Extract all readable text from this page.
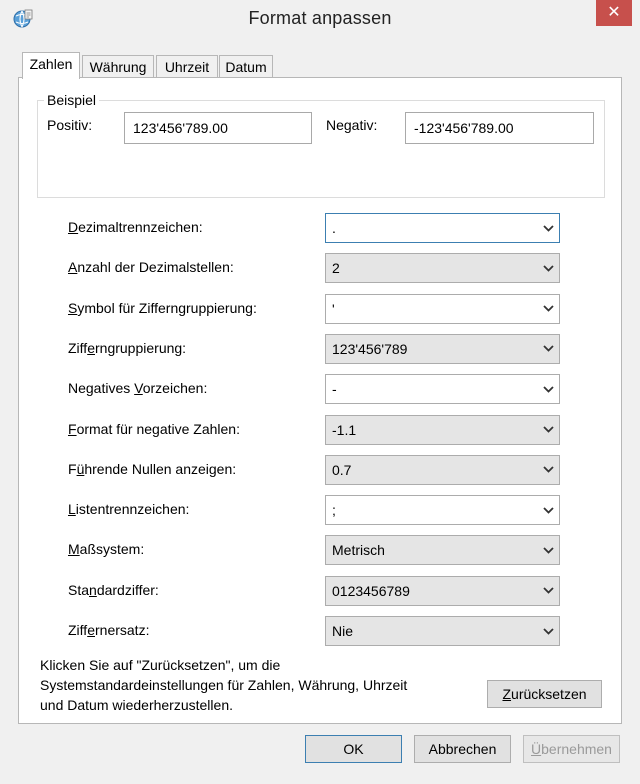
Format anpassen	✕
Zahlen	Währung	Uhrzeit	Datum
Beispiel
Positiv:	123'456'789.00	Negativ:	-123'456'789.00
Dezimaltrennzeichen:	.
Anzahl der Dezimalstellen:	2
Symbol für Zifferngruppierung:	'
Zifferngruppierung:	123'456'789
Negatives Vorzeichen:	-
Format für negative Zahlen:	-1.1
Führende Nullen anzeigen:	0.7
Listentrennzeichen:	;
Maßsystem:	Metrisch
Standardziffer:	0123456789
Ziffernersatz:	Nie
Klicken Sie auf "Zurücksetzen", um die
Systemstandardeinstellungen für Zahlen, Währung, Uhrzeit
und Datum wiederherzustellen.
Zurücksetzen
OK	Abbrechen	Übernehmen
